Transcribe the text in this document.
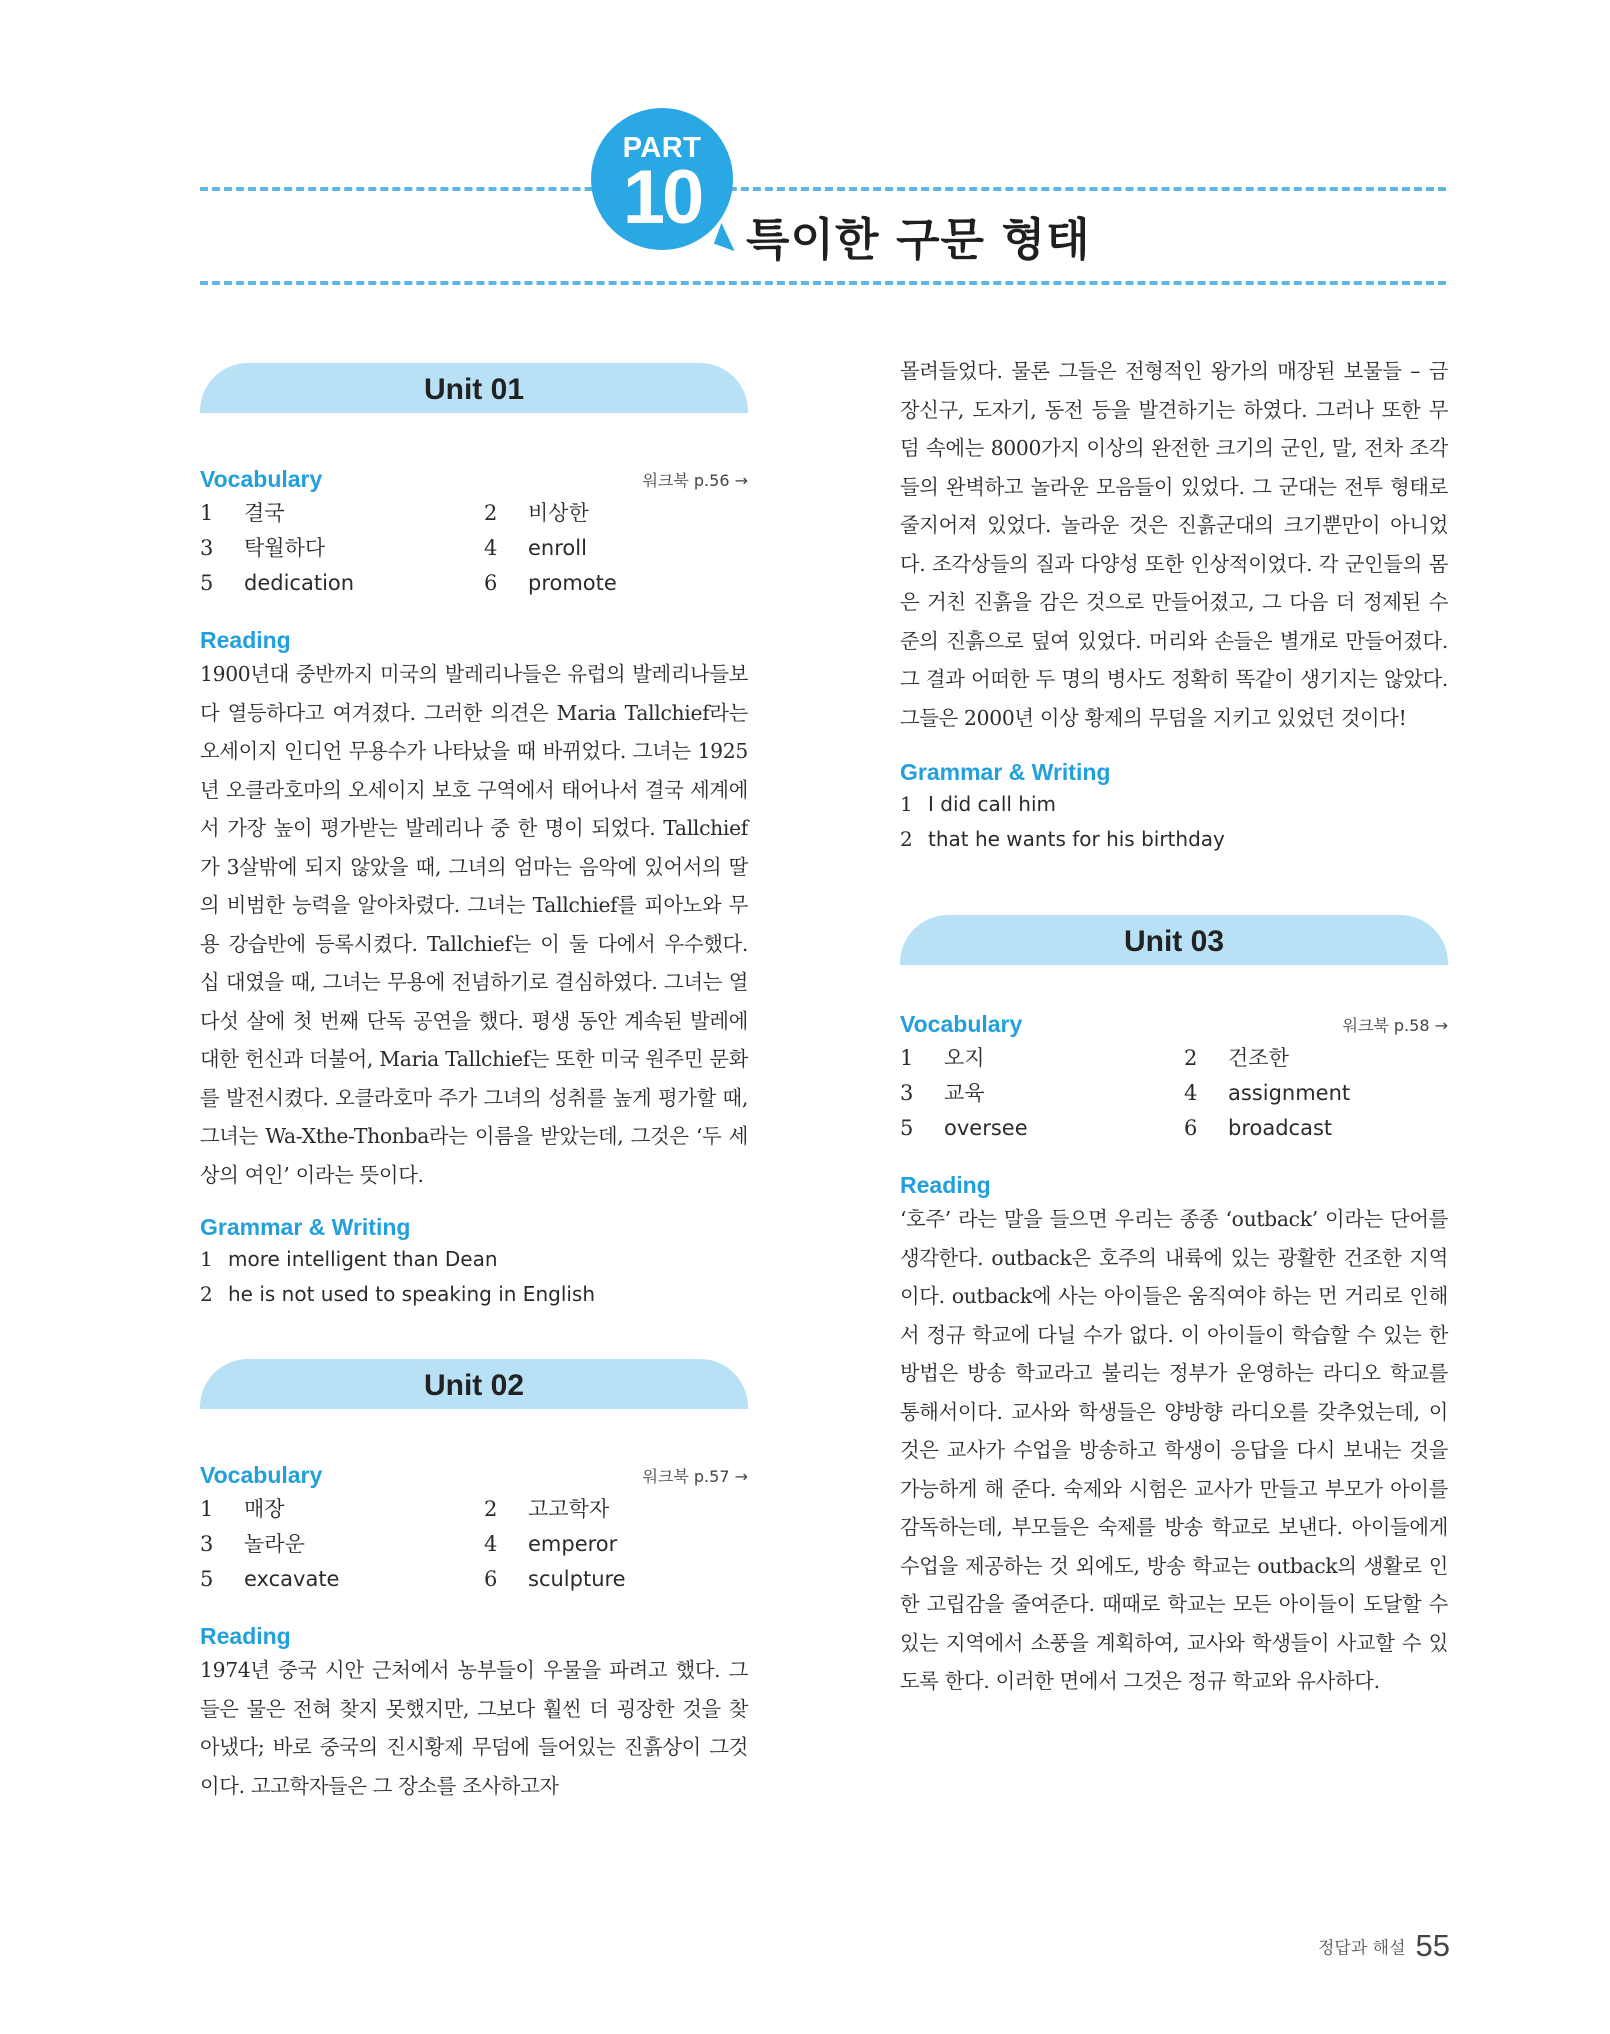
PART
10 특이한 구문 형태
Unit 01
Vocabulary	워크북 p.56 →
1 결국	2 비상한
3 탁월하다	4 enroll
5 dedication	6 promote
Reading
1900년대 중반까지 미국의 발레리나들은 유럽의 발레리나들보다 열등하다고 여겨졌다. 그러한 의견은 Maria Tallchief라는 오세이지 인디언 무용수가 나타났을 때 바뀌었다. 그녀는 1925년 오클라호마의 오세이지 보호 구역에서 태어나서 결국 세계에서 가장 높이 평가받는 발레리나 중 한 명이 되었다. Tallchief가 3살밖에 되지 않았을 때, 그녀의 엄마는 음악에 있어서의 딸의 비범한 능력을 알아차렸다. 그녀는 Tallchief를 피아노와 무용 강습반에 등록시켰다. Tallchief는 이 둘 다에서 우수했다. 십 대였을 때, 그녀는 무용에 전념하기로 결심하였다. 그녀는 열다섯 살에 첫 번째 단독 공연을 했다. 평생 동안 계속된 발레에 대한 헌신과 더불어, Maria Tallchief는 또한 미국 원주민 문화를 발전시켰다. 오클라호마 주가 그녀의 성취를 높게 평가할 때, 그녀는 Wa-Xthe-Thonba라는 이름을 받았는데, 그것은 ‘두 세상의 여인’ 이라는 뜻이다.
Grammar & Writing
1 more intelligent than Dean
2 he is not used to speaking in English
Unit 02
Vocabulary	워크북 p.57 →
1 매장	2 고고학자
3 놀라운	4 emperor
5 excavate	6 sculpture
Reading
1974년 중국 시안 근처에서 농부들이 우물을 파려고 했다. 그들은 물은 전혀 찾지 못했지만, 그보다 훨씬 더 굉장한 것을 찾아냈다; 바로 중국의 진시황제 무덤에 들어있는 진흙상이 그것이다. 고고학자들은 그 장소를 조사하고자
몰려들었다. 물론 그들은 전형적인 왕가의 매장된 보물들 – 금 장신구, 도자기, 동전 등을 발견하기는 하였다. 그러나 또한 무덤 속에는 8000가지 이상의 완전한 크기의 군인, 말, 전차 조각들의 완벽하고 놀라운 모음들이 있었다. 그 군대는 전투 형태로 줄지어져 있었다. 놀라운 것은 진흙군대의 크기뿐만이 아니었다. 조각상들의 질과 다양성 또한 인상적이었다. 각 군인들의 몸은 거친 진흙을 감은 것으로 만들어졌고, 그 다음 더 정제된 수준의 진흙으로 덮여 있었다. 머리와 손들은 별개로 만들어졌다. 그 결과 어떠한 두 명의 병사도 정확히 똑같이 생기지는 않았다. 그들은 2000년 이상 황제의 무덤을 지키고 있었던 것이다!
Grammar & Writing
1 I did call him
2 that he wants for his birthday
Unit 03
Vocabulary	워크북 p.58 →
1 오지	2 건조한
3 교육	4 assignment
5 oversee	6 broadcast
Reading
‘호주’ 라는 말을 들으면 우리는 종종 ‘outback’ 이라는 단어를 생각한다. outback은 호주의 내륙에 있는 광활한 건조한 지역이다. outback에 사는 아이들은 움직여야 하는 먼 거리로 인해서 정규 학교에 다닐 수가 없다. 이 아이들이 학습할 수 있는 한 방법은 방송 학교라고 불리는 정부가 운영하는 라디오 학교를 통해서이다. 교사와 학생들은 양방향 라디오를 갖추었는데, 이것은 교사가 수업을 방송하고 학생이 응답을 다시 보내는 것을 가능하게 해 준다. 숙제와 시험은 교사가 만들고 부모가 아이를 감독하는데, 부모들은 숙제를 방송 학교로 보낸다. 아이들에게 수업을 제공하는 것 외에도, 방송 학교는 outback의 생활로 인한 고립감을 줄여준다. 때때로 학교는 모든 아이들이 도달할 수 있는 지역에서 소풍을 계획하여, 교사와 학생들이 사교할 수 있도록 한다. 이러한 면에서 그것은 정규 학교와 유사하다.
정답과 해설 55
